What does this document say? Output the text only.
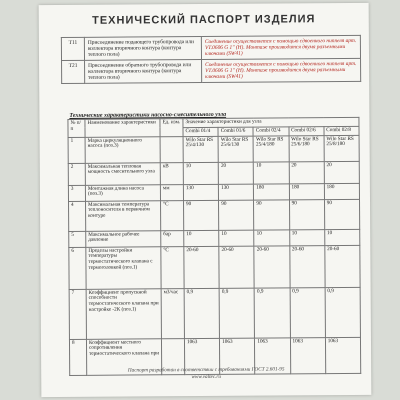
ТЕХНИЧЕСКИЙ ПАСПОРТ ИЗДЕЛИЯ
Т11	Присоединение подающего трубопровода или коллектора вторичного контура (контура теплого пола)	Соединение осуществляется с помощью сдвоенного ниппеля арт. VT.0606 G 1" (H). Монтаж производится двумя разъемными ключами (SW41)
Т21	Присоединение обратного трубопровода или коллектора вторичного контура (контура теплого пола)	Соединение осуществляется с помощью сдвоенного ниппеля арт. VT.0606 G 1" (H). Монтаж производится двумя разъемными ключами (SW41)
Технические характеристики насосно-смесительного узла
№ п/п	Наименование характеристики	Ед. изм.	Значение характеристики для узла				
			Combi 01/4	Combi 01/6	Combi 02/4	Combi 02/6	Combi 02/8
1	Марка циркуляционного насоса (поз.3)		Wilo Star RS 25/4/130	Wilo Star RS 25/6/130	Wilo Star RS 25/4/180	Wilo Star RS 25/6/180	Wilo Star RS 25/8/180
2	Максимальная тепловая мощность смесительного узла	кВ	10	20	10	20	20
3	Монтажная длина насоса (поз.3)	мм	130	130	180	180	180
4	Максимальная температура теплоносителя в первичном контуре	°C	90	90	90	90	90
5	Максимальное рабочее давление	бар	10	10	10	10	10
6	Пределы настройки температуры термостатического клапана с термоголовкой (поз.1)	°C	20-60	20-60	20-60	20-60	20-60
7	Коэффициент пропускной способности термостатического клапана при настройке -2К (поз.1)	м3/час	0,9	0,9	0,9	0,9	0,9
8	Коэффициент местного сопротивления термостатического клапана при		1063	1063	1063	1063	1063
Паспорт разработан в соответствии с требованиями ГОСТ 2.601-95
www.valtec.ru
